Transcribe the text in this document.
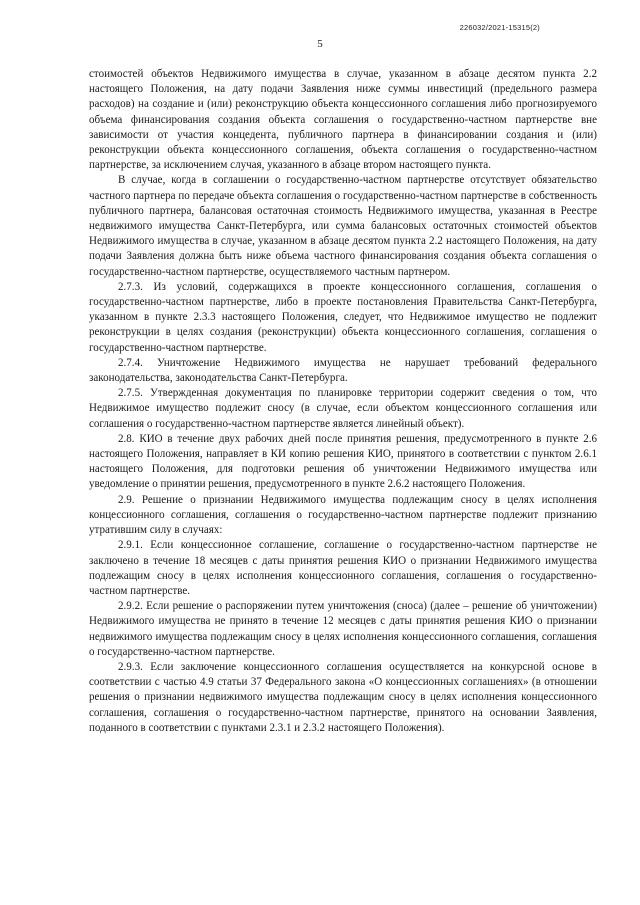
226032/2021-15315(2)
5

стоимостей объектов Недвижимого имущества в случае, указанном в абзаце десятом пункта 2.2 настоящего Положения, на дату подачи Заявления ниже суммы инвестиций (предельного размера расходов) на создание и (или) реконструкцию объекта концессионного соглашения либо прогнозируемого объема финансирования создания объекта соглашения о государственно-частном партнерстве вне зависимости от участия концедента, публичного партнера в финансировании создания и (или) реконструкции объекта концессионного соглашения, объекта соглашения о государственно-частном партнерстве, за исключением случая, указанного в абзаце втором настоящего пункта.

В случае, когда в соглашении о государственно-частном партнерстве отсутствует обязательство частного партнера по передаче объекта соглашения о государственно-частном партнерстве в собственность публичного партнера, балансовая остаточная стоимость Недвижимого имущества, указанная в Реестре недвижимого имущества Санкт-Петербурга, или сумма балансовых остаточных стоимостей объектов Недвижимого имущества в случае, указанном в абзаце десятом пункта 2.2 настоящего Положения, на дату подачи Заявления должна быть ниже объема частного финансирования создания объекта соглашения о государственно-частном партнерстве, осуществляемого частным партнером.

2.7.3. Из условий, содержащихся в проекте концессионного соглашения, соглашения о государственно-частном партнерстве, либо в проекте постановления Правительства Санкт-Петербурга, указанном в пункте 2.3.3 настоящего Положения, следует, что Недвижимое имущество не подлежит реконструкции в целях создания (реконструкции) объекта концессионного соглашения, соглашения о государственно-частном партнерстве.

2.7.4. Уничтожение Недвижимого имущества не нарушает требований федерального законодательства, законодательства Санкт-Петербурга.

2.7.5. Утвержденная документация по планировке территории содержит сведения о том, что Недвижимое имущество подлежит сносу (в случае, если объектом концессионного соглашения или соглашения о государственно-частном партнерстве является линейный объект).

2.8. КИО в течение двух рабочих дней после принятия решения, предусмотренного в пункте 2.6 настоящего Положения, направляет в КИ копию решения КИО, принятого в соответствии с пунктом 2.6.1 настоящего Положения, для подготовки решения об уничтожении Недвижимого имущества или уведомление о принятии решения, предусмотренного в пункте 2.6.2 настоящего Положения.

2.9. Решение о признании Недвижимого имущества подлежащим сносу в целях исполнения концессионного соглашения, соглашения о государственно-частном партнерстве подлежит признанию утратившим силу в случаях:

2.9.1. Если концессионное соглашение, соглашение о государственно-частном партнерстве не заключено в течение 18 месяцев с даты принятия решения КИО о признании Недвижимого имущества подлежащим сносу в целях исполнения концессионного соглашения, соглашения о государственно-частном партнерстве.

2.9.2. Если решение о распоряжении путем уничтожения (сноса) (далее – решение об уничтожении) Недвижимого имущества не принято в течение 12 месяцев с даты принятия решения КИО о признании недвижимого имущества подлежащим сносу в целях исполнения концессионного соглашения, соглашения о государственно-частном партнерстве.

2.9.3. Если заключение концессионного соглашения осуществляется на конкурсной основе в соответствии с частью 4.9 статьи 37 Федерального закона «О концессионных соглашениях» (в отношении решения о признании недвижимого имущества подлежащим сносу в целях исполнения концессионного соглашения, соглашения о государственно-частном партнерстве, принятого на основании Заявления, поданного в соответствии с пунктами 2.3.1 и 2.3.2 настоящего Положения).
